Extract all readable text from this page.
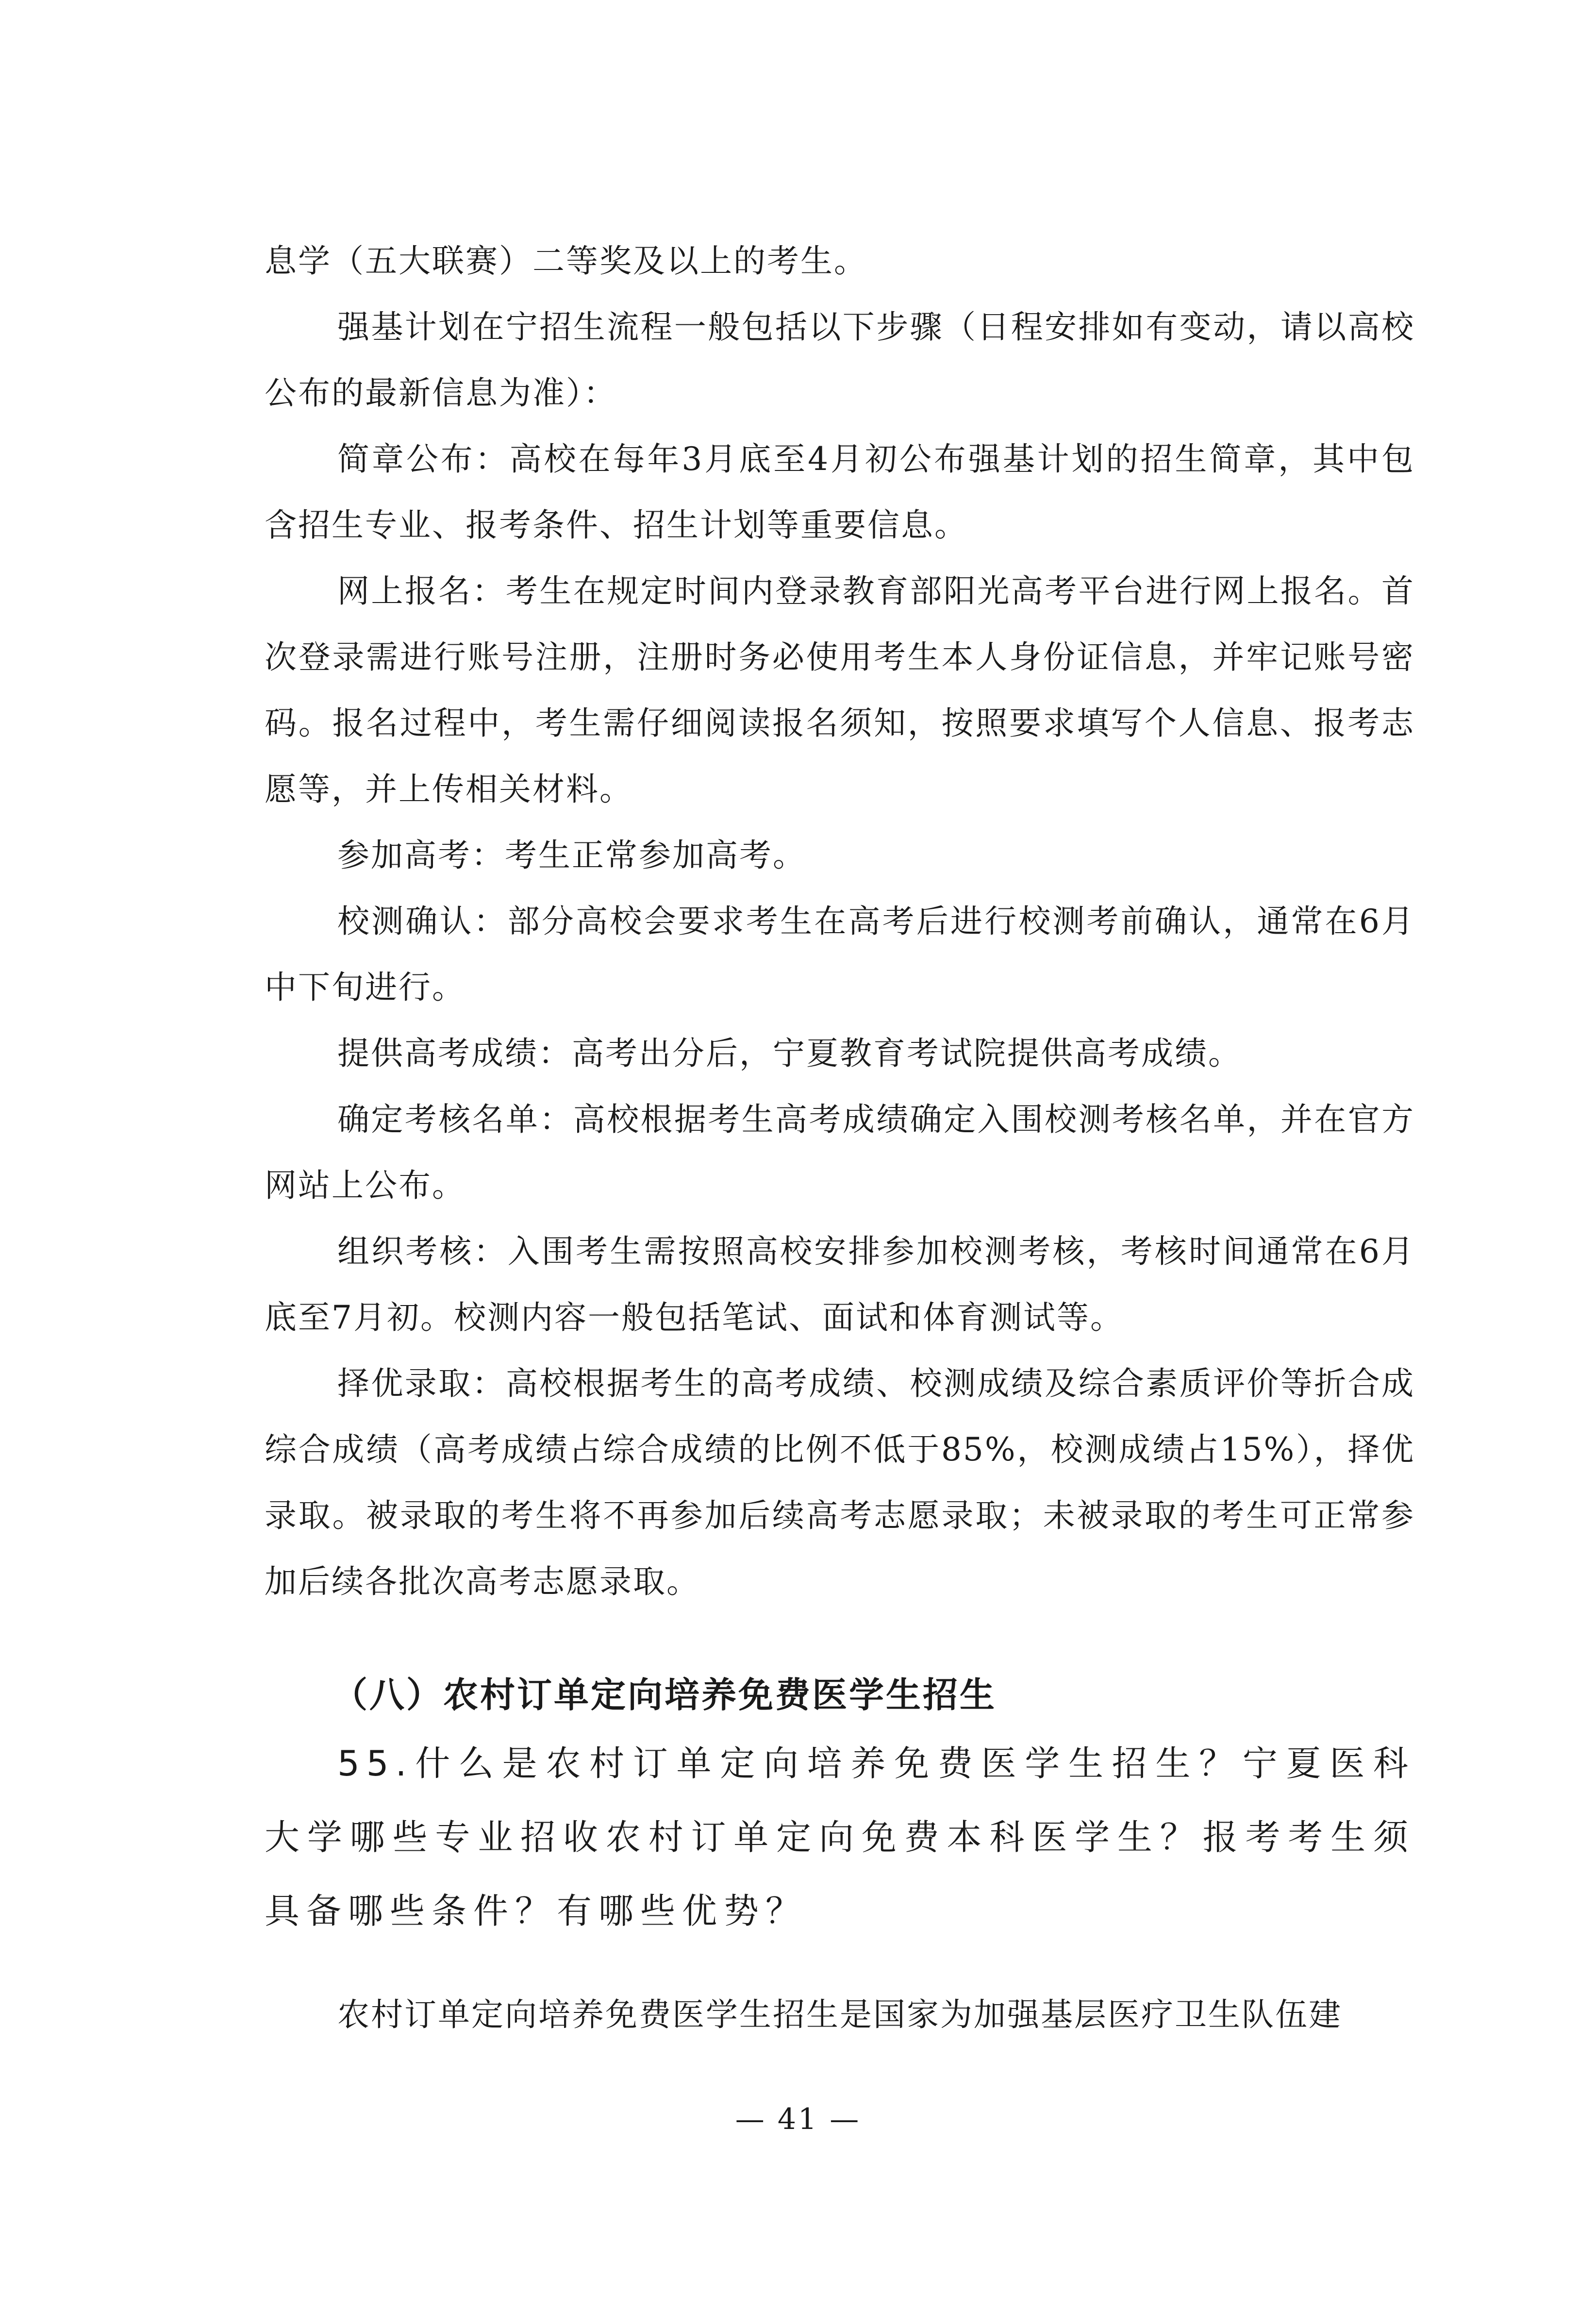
息学（五大联赛）二等奖及以上的考生。

强基计划在宁招生流程一般包括以下步骤（日程安排如有变动，请以高校公布的最新信息为准）：

简章公布：高校在每年3月底至4月初公布强基计划的招生简章，其中包含招生专业、报考条件、招生计划等重要信息。

网上报名：考生在规定时间内登录教育部阳光高考平台进行网上报名。首次登录需进行账号注册，注册时务必使用考生本人身份证信息，并牢记账号密码。报名过程中，考生需仔细阅读报名须知，按照要求填写个人信息、报考志愿等，并上传相关材料。

参加高考：考生正常参加高考。

校测确认：部分高校会要求考生在高考后进行校测考前确认，通常在6月中下旬进行。

提供高考成绩：高考出分后，宁夏教育考试院提供高考成绩。

确定考核名单：高校根据考生高考成绩确定入围校测考核名单，并在官方网站上公布。

组织考核：入围考生需按照高校安排参加校测考核，考核时间通常在6月底至7月初。校测内容一般包括笔试、面试和体育测试等。

择优录取：高校根据考生的高考成绩、校测成绩及综合素质评价等折合成综合成绩（高考成绩占综合成绩的比例不低于85%，校测成绩占15%），择优录取。被录取的考生将不再参加后续高考志愿录取；未被录取的考生可正常参加后续各批次高考志愿录取。

（八）农村订单定向培养免费医学生招生

55.什么是农村订单定向培养免费医学生招生？宁夏医科大学哪些专业招收农村订单定向免费本科医学生？报考考生须具备哪些条件？有哪些优势？

农村订单定向培养免费医学生招生是国家为加强基层医疗卫生队伍建

— 41 —
